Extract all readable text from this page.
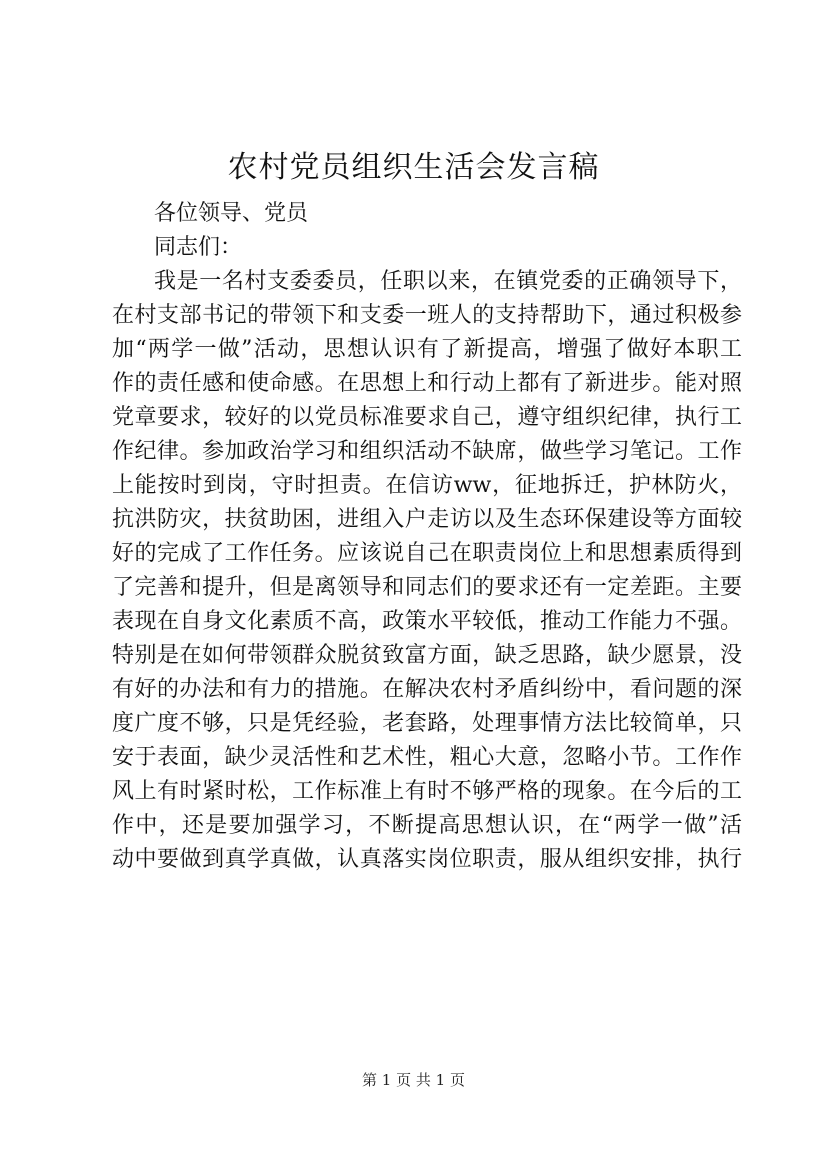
农村党员组织生活会发言稿
各位领导、党员
同志们：
我是一名村支委委员，任职以来，在镇党委的正确领导下，
在村支部书记的带领下和支委一班人的支持帮助下，通过积极参
加“两学一做”活动，思想认识有了新提高，增强了做好本职工
作的责任感和使命感。在思想上和行动上都有了新进步。能对照
党章要求，较好的以党员标准要求自己，遵守组织纪律，执行工
作纪律。参加政治学习和组织活动不缺席，做些学习笔记。工作
上能按时到岗，守时担责。在信访ww，征地拆迁，护林防火，
抗洪防灾，扶贫助困，进组入户走访以及生态环保建设等方面较
好的完成了工作任务。应该说自己在职责岗位上和思想素质得到
了完善和提升，但是离领导和同志们的要求还有一定差距。主要
表现在自身文化素质不高，政策水平较低，推动工作能力不强。
特别是在如何带领群众脱贫致富方面，缺乏思路，缺少愿景，没
有好的办法和有力的措施。在解决农村矛盾纠纷中，看问题的深
度广度不够，只是凭经验，老套路，处理事情方法比较简单，只
安于表面，缺少灵活性和艺术性，粗心大意，忽略小节。工作作
风上有时紧时松，工作标准上有时不够严格的现象。在今后的工
作中，还是要加强学习，不断提高思想认识，在“两学一做”活
动中要做到真学真做，认真落实岗位职责，服从组织安排，执行
第 1 页 共 1 页
